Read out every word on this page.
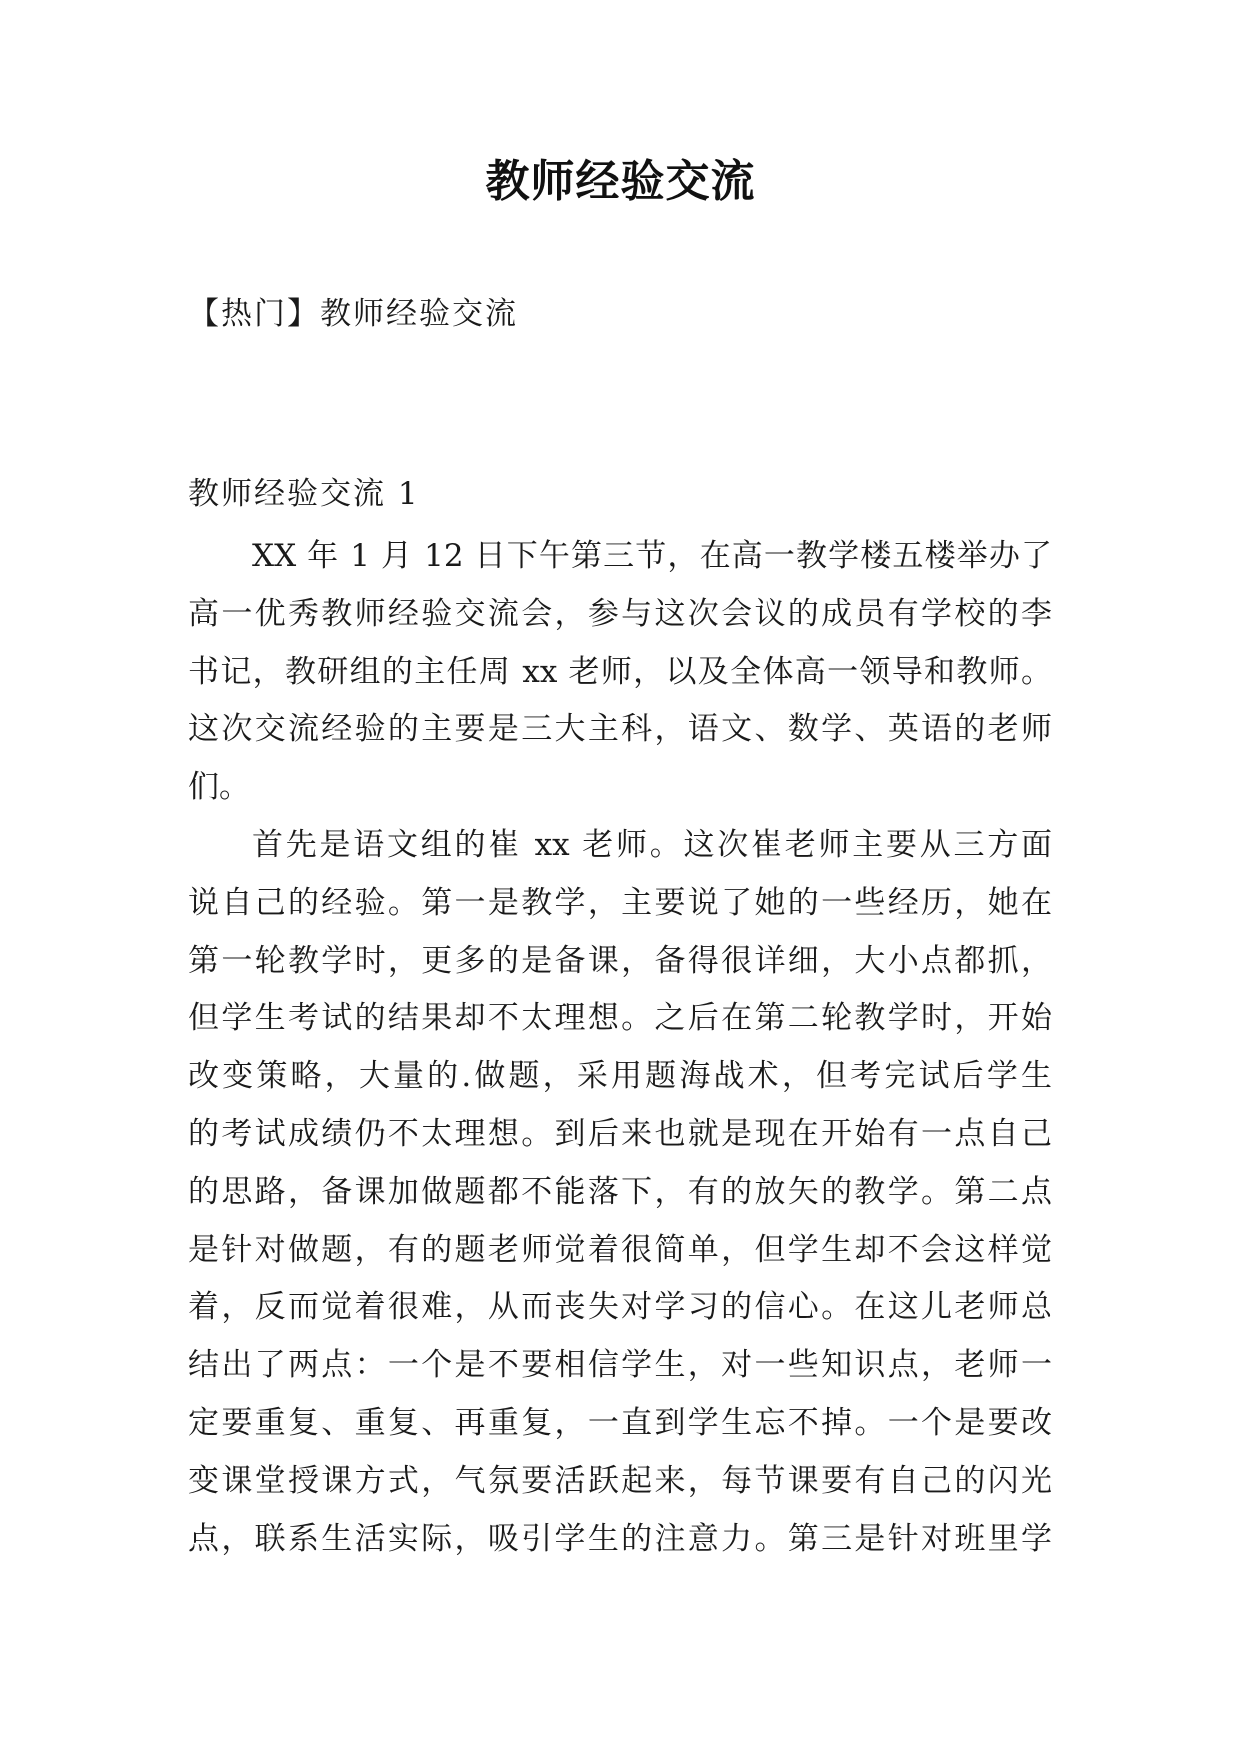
教师经验交流
【热门】教师经验交流
教师经验交流 1
XX 年 1 月 12 日下午第三节，在高一教学楼五楼举办了
高一优秀教师经验交流会，参与这次会议的成员有学校的李
书记，教研组的主任周 xx 老师，以及全体高一领导和教师。
这次交流经验的主要是三大主科，语文、数学、英语的老师
们。
首先是语文组的崔 xx 老师。这次崔老师主要从三方面
说自己的经验。第一是教学，主要说了她的一些经历，她在
第一轮教学时，更多的是备课，备得很详细，大小点都抓，
但学生考试的结果却不太理想。之后在第二轮教学时，开始
改变策略，大量的.做题，采用题海战术，但考完试后学生
的考试成绩仍不太理想。到后来也就是现在开始有一点自己
的思路，备课加做题都不能落下，有的放矢的教学。第二点
是针对做题，有的题老师觉着很简单，但学生却不会这样觉
着，反而觉着很难，从而丧失对学习的信心。在这儿老师总
结出了两点：一个是不要相信学生，对一些知识点，老师一
定要重复、重复、再重复，一直到学生忘不掉。一个是要改
变课堂授课方式，气氛要活跃起来，每节课要有自己的闪光
点，联系生活实际，吸引学生的注意力。第三是针对班里学
